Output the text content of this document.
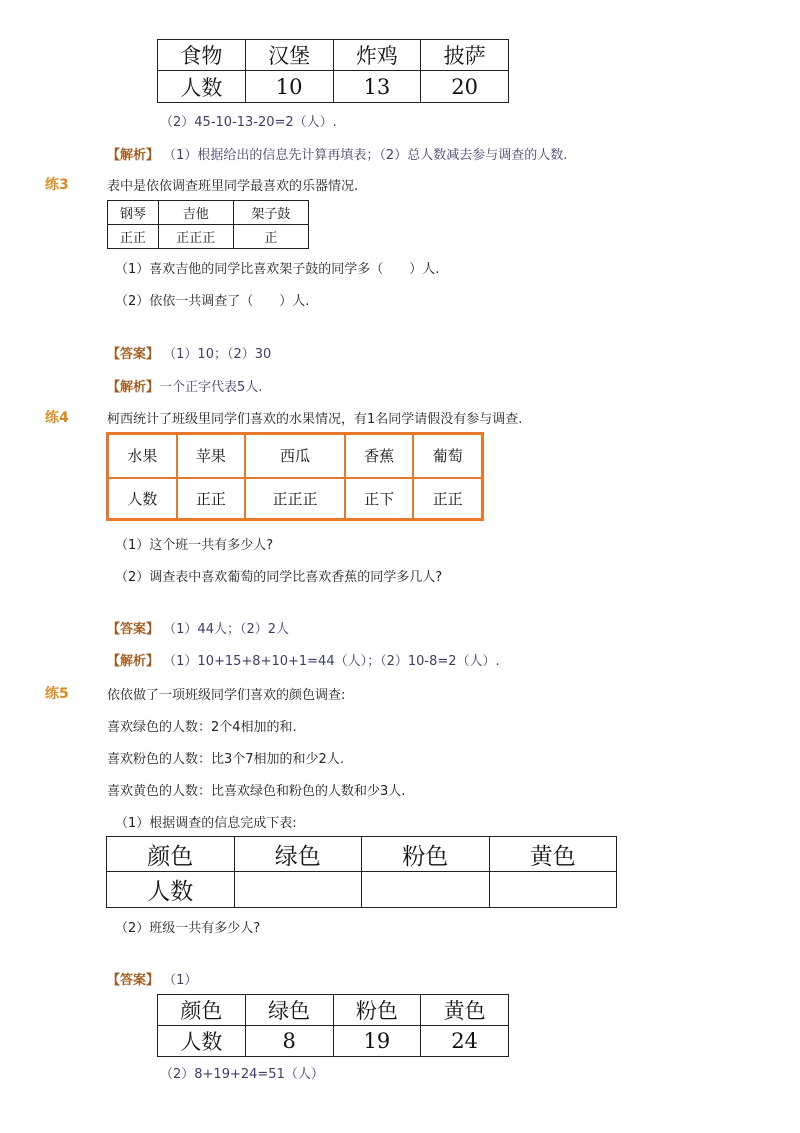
食物	汉堡	炸鸡	披萨
人数	10	13	20
（2）45-10-13-20=2（人）.
【解析】 （1）根据给出的信息先计算再填表；（2）总人数减去参与调查的人数.
练3	表中是依依调查班里同学最喜欢的乐器情况.
钢琴	吉他	架子鼓
正正	正正正	正
（1）喜欢吉他的同学比喜欢架子鼓的同学多（　　）人.
（2）依依一共调查了（　　）人.
【答案】 （1）10；（2）30
【解析】一个正字代表5人.
练4	柯西统计了班级里同学们喜欢的水果情况，有1名同学请假没有参与调查.
水果	苹果	西瓜	香蕉	葡萄
人数	正正	正正正	正下	正正
（1）这个班一共有多少人?
（2）调查表中喜欢葡萄的同学比喜欢香蕉的同学多几人?
【答案】 （1）44人；（2）2人
【解析】 （1）10+15+8+10+1=44（人）；（2）10-8=2（人）.
练5	依依做了一项班级同学们喜欢的颜色调查:
喜欢绿色的人数：2个4相加的和.
喜欢粉色的人数：比3个7相加的和少2人.
喜欢黄色的人数：比喜欢绿色和粉色的人数和少3人.
（1）根据调查的信息完成下表:
颜色	绿色	粉色	黄色
人数			
（2）班级一共有多少人?
【答案】 （1）
颜色	绿色	粉色	黄色
人数	8	19	24
（2）8+19+24=51（人）
